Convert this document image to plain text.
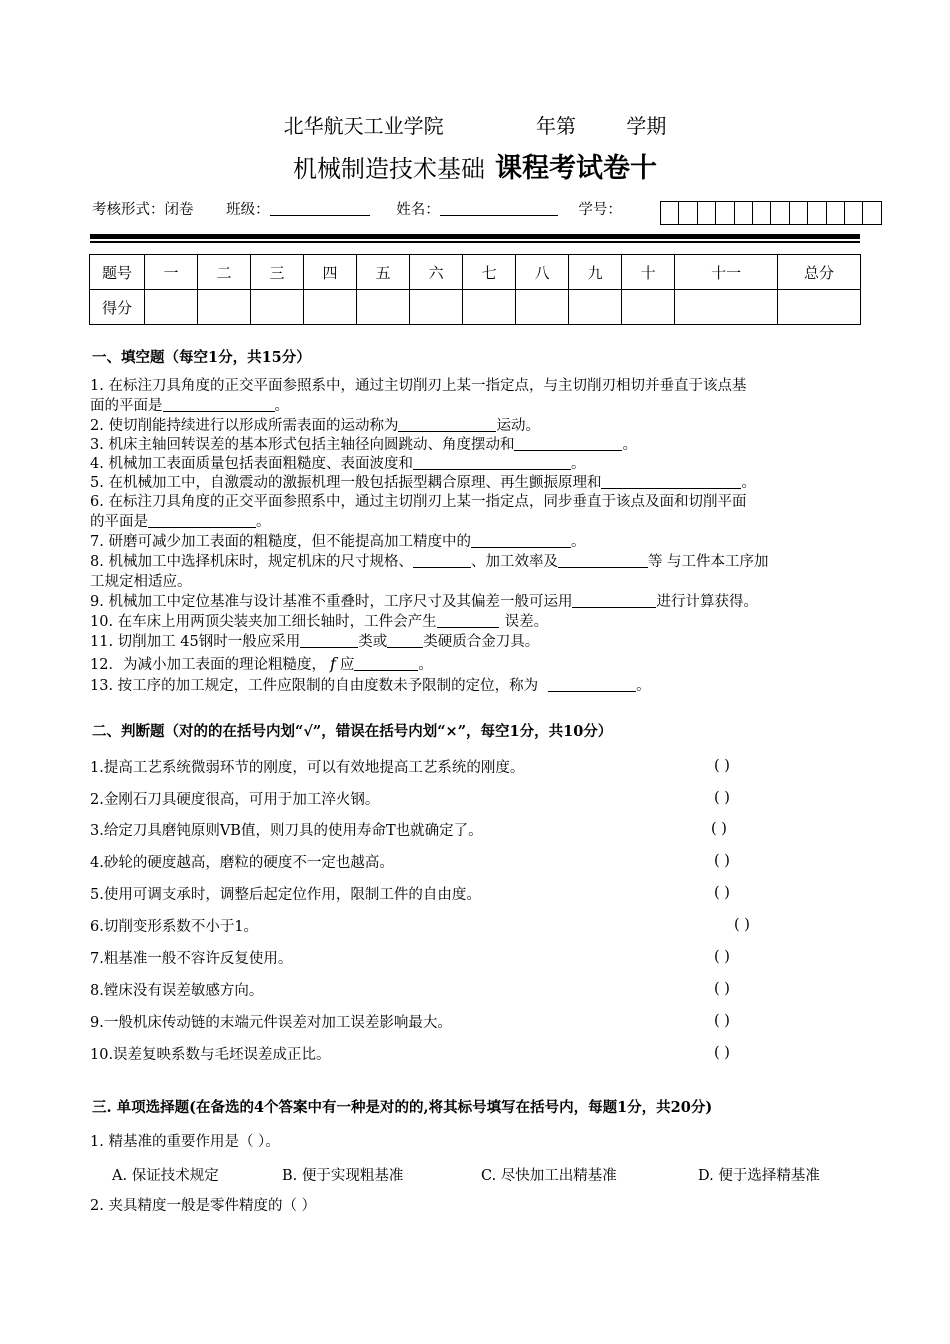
北华航天工业学院	年第	学期
机械制造技术基础 课程考试卷十
考核形式：闭卷 班级：	姓名：	学号：
题号	一	二	三	四	五	六	七	八	九	十	十一	总分
得分												
一、填空题（每空1分，共15分）
1. 在标注刀具角度的正交平面参照系中，通过主切削刃上某一指定点，与主切削刃相切并垂直于该点基
面的平面是	。
2. 使切削能持续进行以形成所需表面的运动称为	运动。
3. 机床主轴回转误差的基本形式包括主轴径向圆跳动、角度摆动和	。
4. 机械加工表面质量包括表面粗糙度、表面波度和	。
5. 在机械加工中，自激震动的激振机理一般包括振型耦合原理、再生颤振原理和	。
6. 在标注刀具角度的正交平面参照系中，通过主切削刃上某一指定点，同步垂直于该点及面和切削平面
的平面是	。
7. 研磨可减少加工表面的粗糙度，但不能提高加工精度中的	。
8. 机械加工中选择机床时，规定机床的尺寸规格、	、加工效率及	等 与工件本工序加
工规定相适应。
9. 机械加工中定位基准与设计基准不重叠时，工序尺寸及其偏差一般可运用	进行计算获得。
10. 在车床上用两顶尖装夹加工细长轴时，工件会产生	误差。
11. 切削加工 45钢时一般应采用	类或 类硬质合金刀具。
12．为减小加工表面的理论粗糙度， f 应	。
13. 按工序的加工规定，工件应限制的自由度数未予限制的定位，称为	。
二、判断题（对的的在括号内划“√”，错误在括号内划“×”，每空1分，共10分）
1.提高工艺系统微弱环节的刚度，可以有效地提高工艺系统的刚度。	( )
2.金刚石刀具硬度很高，可用于加工淬火钢。	( )
3.给定刀具磨钝原则VB值，则刀具的使用寿命T也就确定了。	( )
4.砂轮的硬度越高，磨粒的硬度不一定也越高。	( )
5.使用可调支承时，调整后起定位作用，限制工件的自由度。	( )
6.切削变形系数不小于1。	( )
7.粗基准一般不容许反复使用。	( )
8.镗床没有误差敏感方向。	( )
9.一般机床传动链的末端元件误差对加工误差影响最大。	( )
10.误差复映系数与毛坯误差成正比。	( )
三. 单项选择题(在备选的4个答案中有一种是对的的,将其标号填写在括号内，每题1分，共20分)
1. 精基准的重要作用是（ ）。
A. 保证技术规定	B. 便于实现粗基准	C. 尽快加工出精基准	D. 便于选择精基准
2. 夹具精度一般是零件精度的（ ）
